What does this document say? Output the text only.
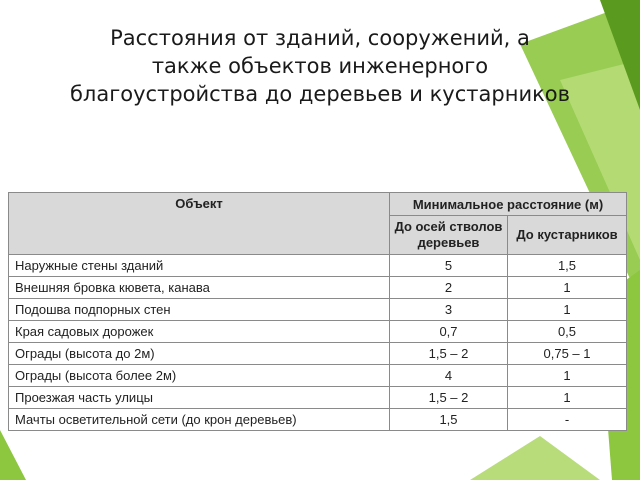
Расстояния от зданий, сооружений, а
также объектов инженерного
благоустройства до деревьев и кустарников
Объект	Минимальное расстояние (м)	
	До осей стволов деревьев	До кустарников
Наружные стены зданий	5	1,5
Внешняя бровка кювета, канава	2	1
Подошва подпорных стен	3	1
Края садовых дорожек	0,7	0,5
Ограды (высота до 2м)	1,5 – 2	0,75 – 1
Ограды (высота более 2м)	4	1
Проезжая часть улицы	1,5 – 2	1
Мачты осветительной сети (до крон деревьев)	1,5	-
